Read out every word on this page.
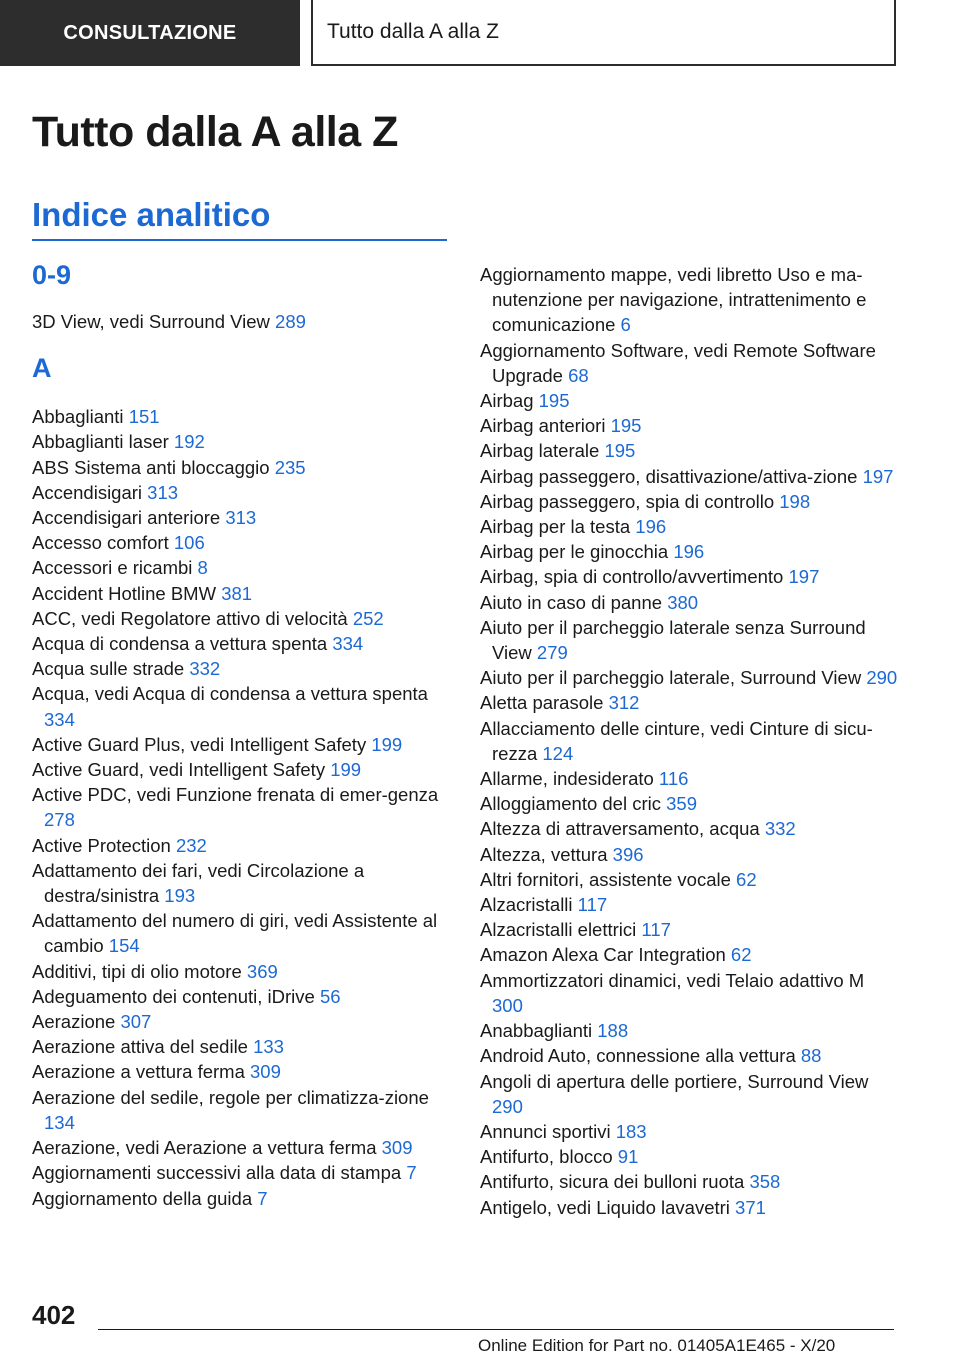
CONSULTAZIONE	Tutto dalla A alla Z
Tutto dalla A alla Z
Indice analitico
0-9
3D View, vedi Surround View 289
A
Abbaglianti 151
Abbaglianti laser 192
ABS Sistema anti bloccaggio 235
Accendisigari 313
Accendisigari anteriore 313
Accesso comfort 106
Accessori e ricambi 8
Accident Hotline BMW 381
ACC, vedi Regolatore attivo di velocità 252
Acqua di condensa a vettura spenta 334
Acqua sulle strade 332
Acqua, vedi Acqua di condensa a vettura spenta 334
Active Guard Plus, vedi Intelligent Safety 199
Active Guard, vedi Intelligent Safety 199
Active PDC, vedi Funzione frenata di emer-genza 278
Active Protection 232
Adattamento dei fari, vedi Circolazione a destra/sinistra 193
Adattamento del numero di giri, vedi Assistente al cambio 154
Additivi, tipi di olio motore 369
Adeguamento dei contenuti, iDrive 56
Aerazione 307
Aerazione attiva del sedile 133
Aerazione a vettura ferma 309
Aerazione del sedile, regole per climatizza-zione 134
Aerazione, vedi Aerazione a vettura ferma 309
Aggiornamenti successivi alla data di stampa 7
Aggiornamento della guida 7
Aggiornamento mappe, vedi libretto Uso e ma-nutenzione per navigazione, intrattenimento e comunicazione 6
Aggiornamento Software, vedi Remote Software Upgrade 68
Airbag 195
Airbag anteriori 195
Airbag laterale 195
Airbag passeggero, disattivazione/attiva-zione 197
Airbag passeggero, spia di controllo 198
Airbag per la testa 196
Airbag per le ginocchia 196
Airbag, spia di controllo/avvertimento 197
Aiuto in caso di panne 380
Aiuto per il parcheggio laterale senza Surround View 279
Aiuto per il parcheggio laterale, Surround View 290
Aletta parasole 312
Allacciamento delle cinture, vedi Cinture di sicu-rezza 124
Allarme, indesiderato 116
Alloggiamento del cric 359
Altezza di attraversamento, acqua 332
Altezza, vettura 396
Altri fornitori, assistente vocale 62
Alzacristalli 117
Alzacristalli elettrici 117
Amazon Alexa Car Integration 62
Ammortizzatori dinamici, vedi Telaio adattivo M 300
Anabbaglianti 188
Android Auto, connessione alla vettura 88
Angoli di apertura delle portiere, Surround View 290
Annunci sportivi 183
Antifurto, blocco 91
Antifurto, sicura dei bulloni ruota 358
Antigelo, vedi Liquido lavavetri 371
402
Online Edition for Part no. 01405A1E465 - X/20
